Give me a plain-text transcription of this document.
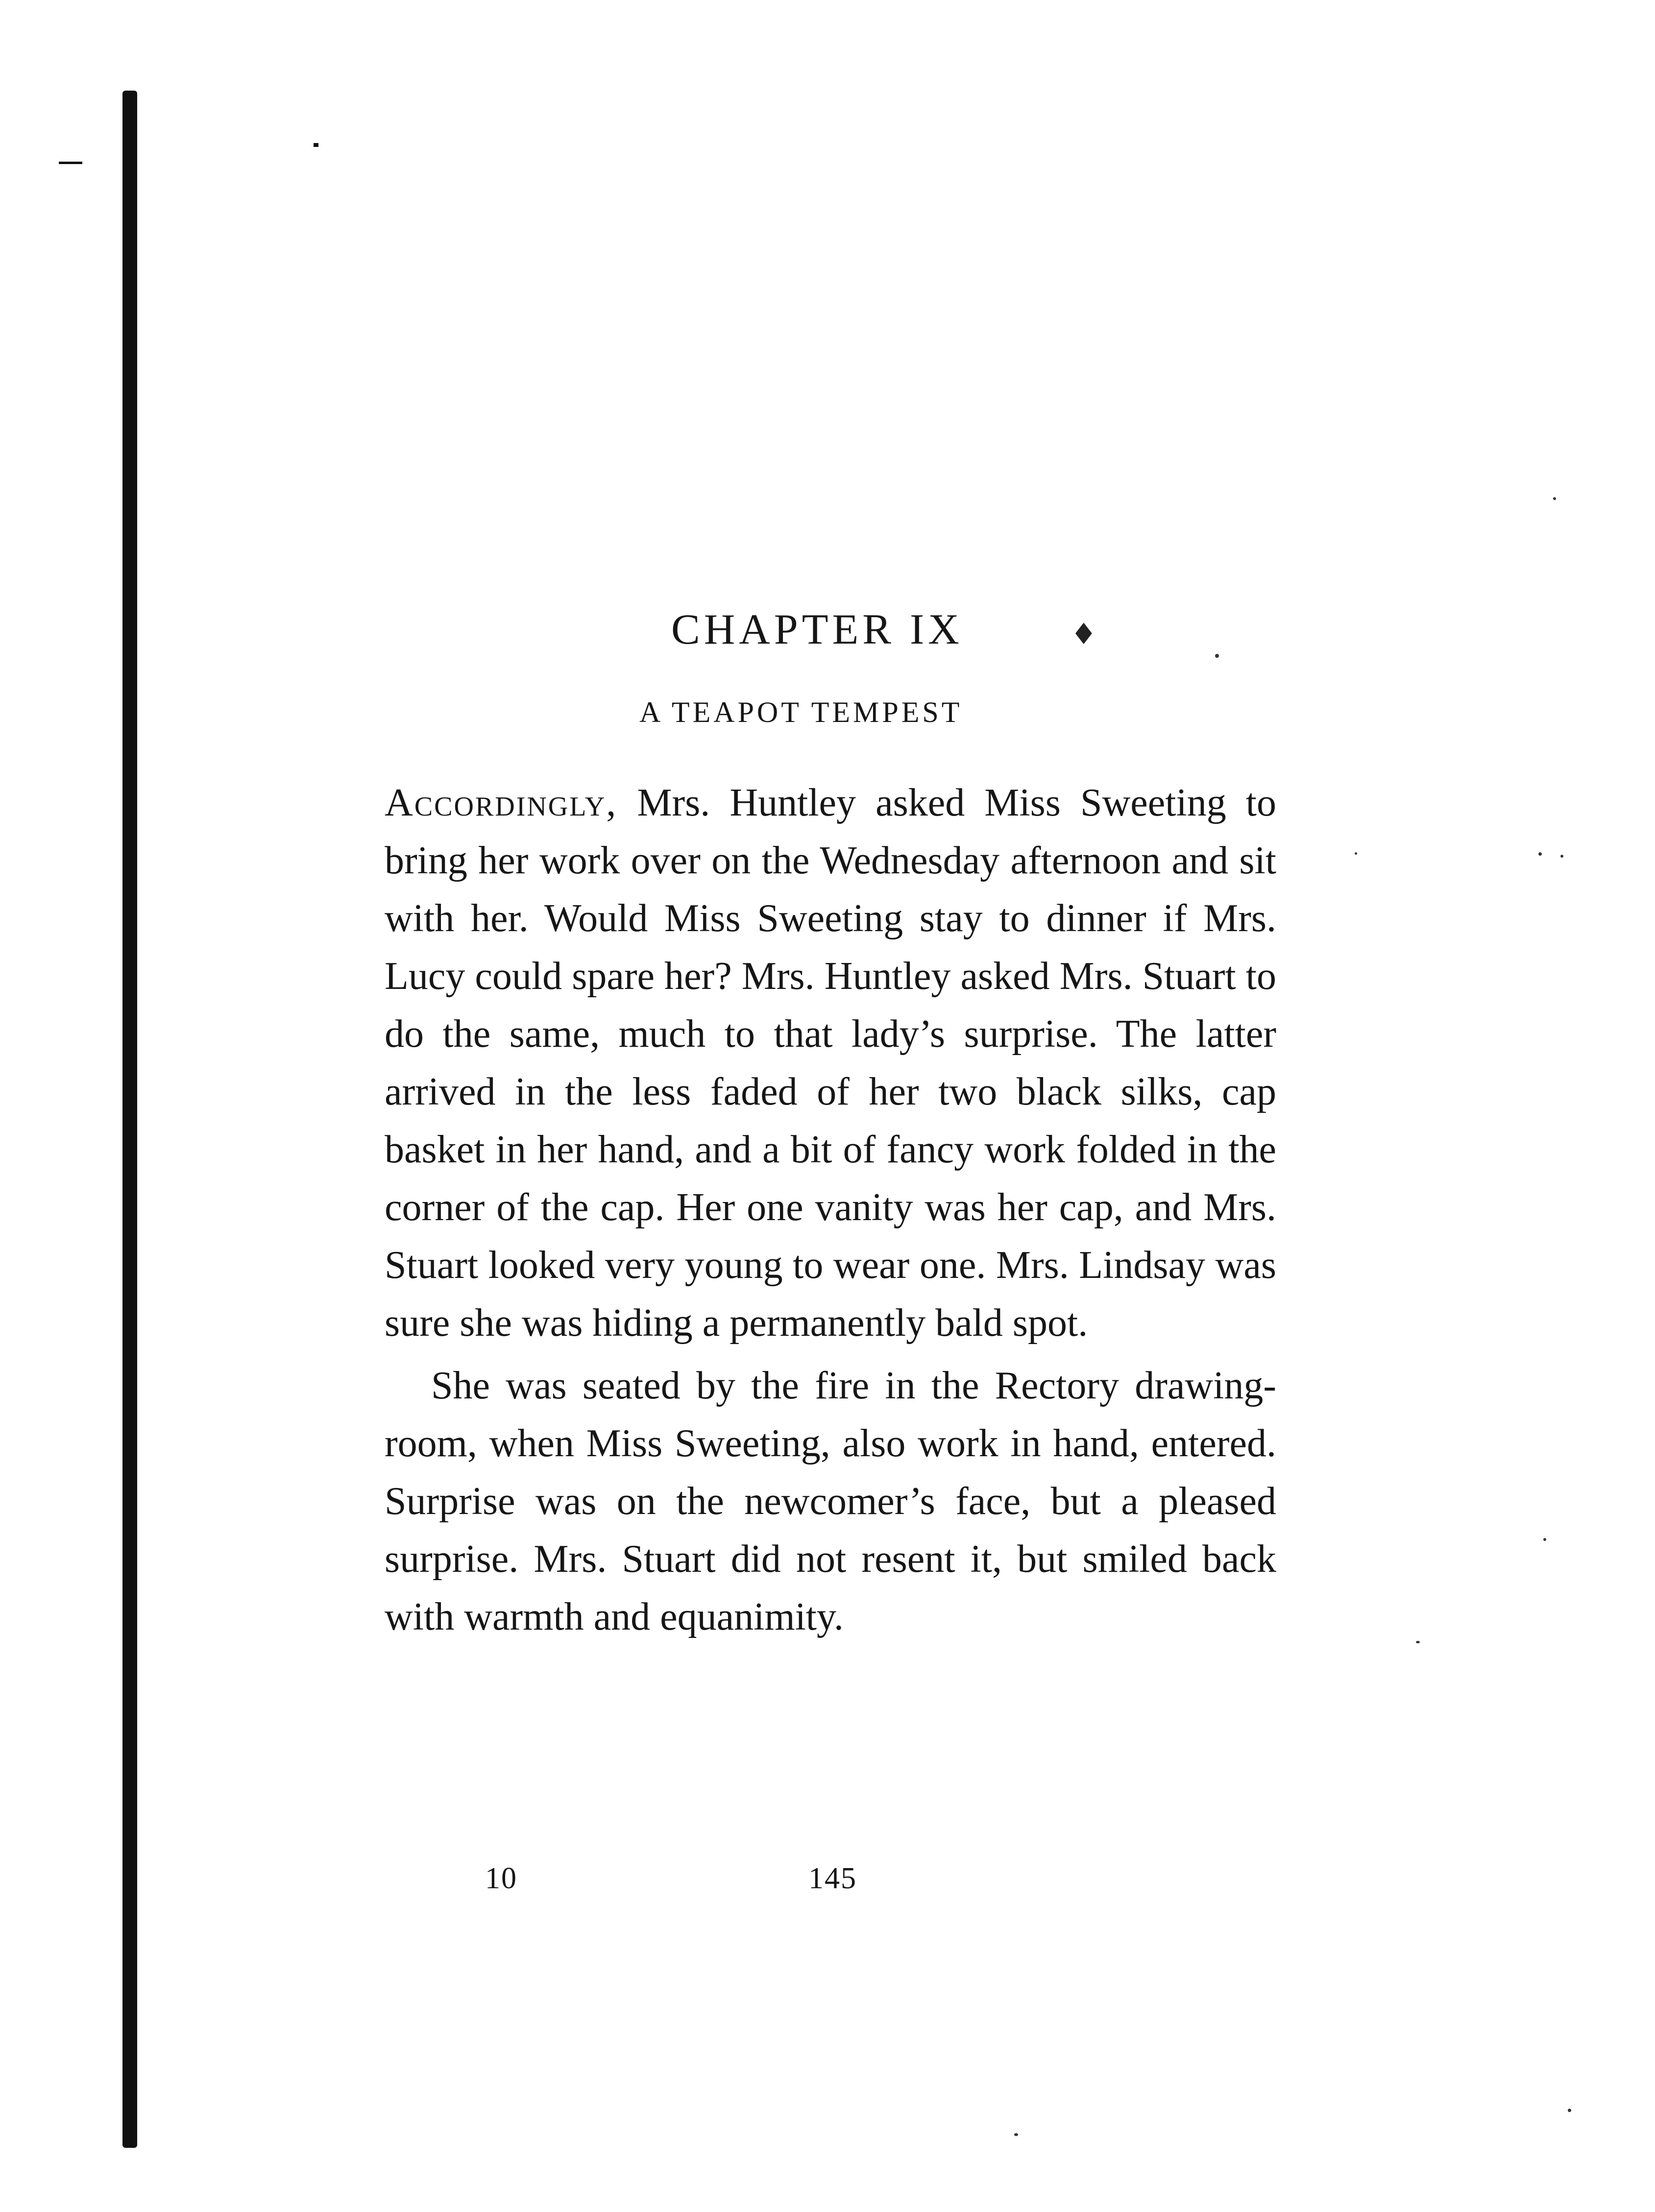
♦
CHAPTER IX
A TEAPOT TEMPEST

Accordingly, Mrs. Huntley asked Miss Sweeting to bring her work over on the Wednesday afternoon and sit with her. Would Miss Sweeting stay to dinner if Mrs. Lucy could spare her? Mrs. Huntley asked Mrs. Stuart to do the same, much to that lady’s surprise. The latter arrived in the less faded of her two black silks, cap basket in her hand, and a bit of fancy work folded in the corner of the cap. Her one vanity was her cap, and Mrs. Stuart looked very young to wear one. Mrs. Lindsay was sure she was hiding a permanently bald spot.

She was seated by the fire in the Rectory drawing-room, when Miss Sweeting, also work in hand, entered. Surprise was on the newcomer’s face, but a pleased surprise. Mrs. Stuart did not resent it, but smiled back with warmth and equanimity.

10	145
